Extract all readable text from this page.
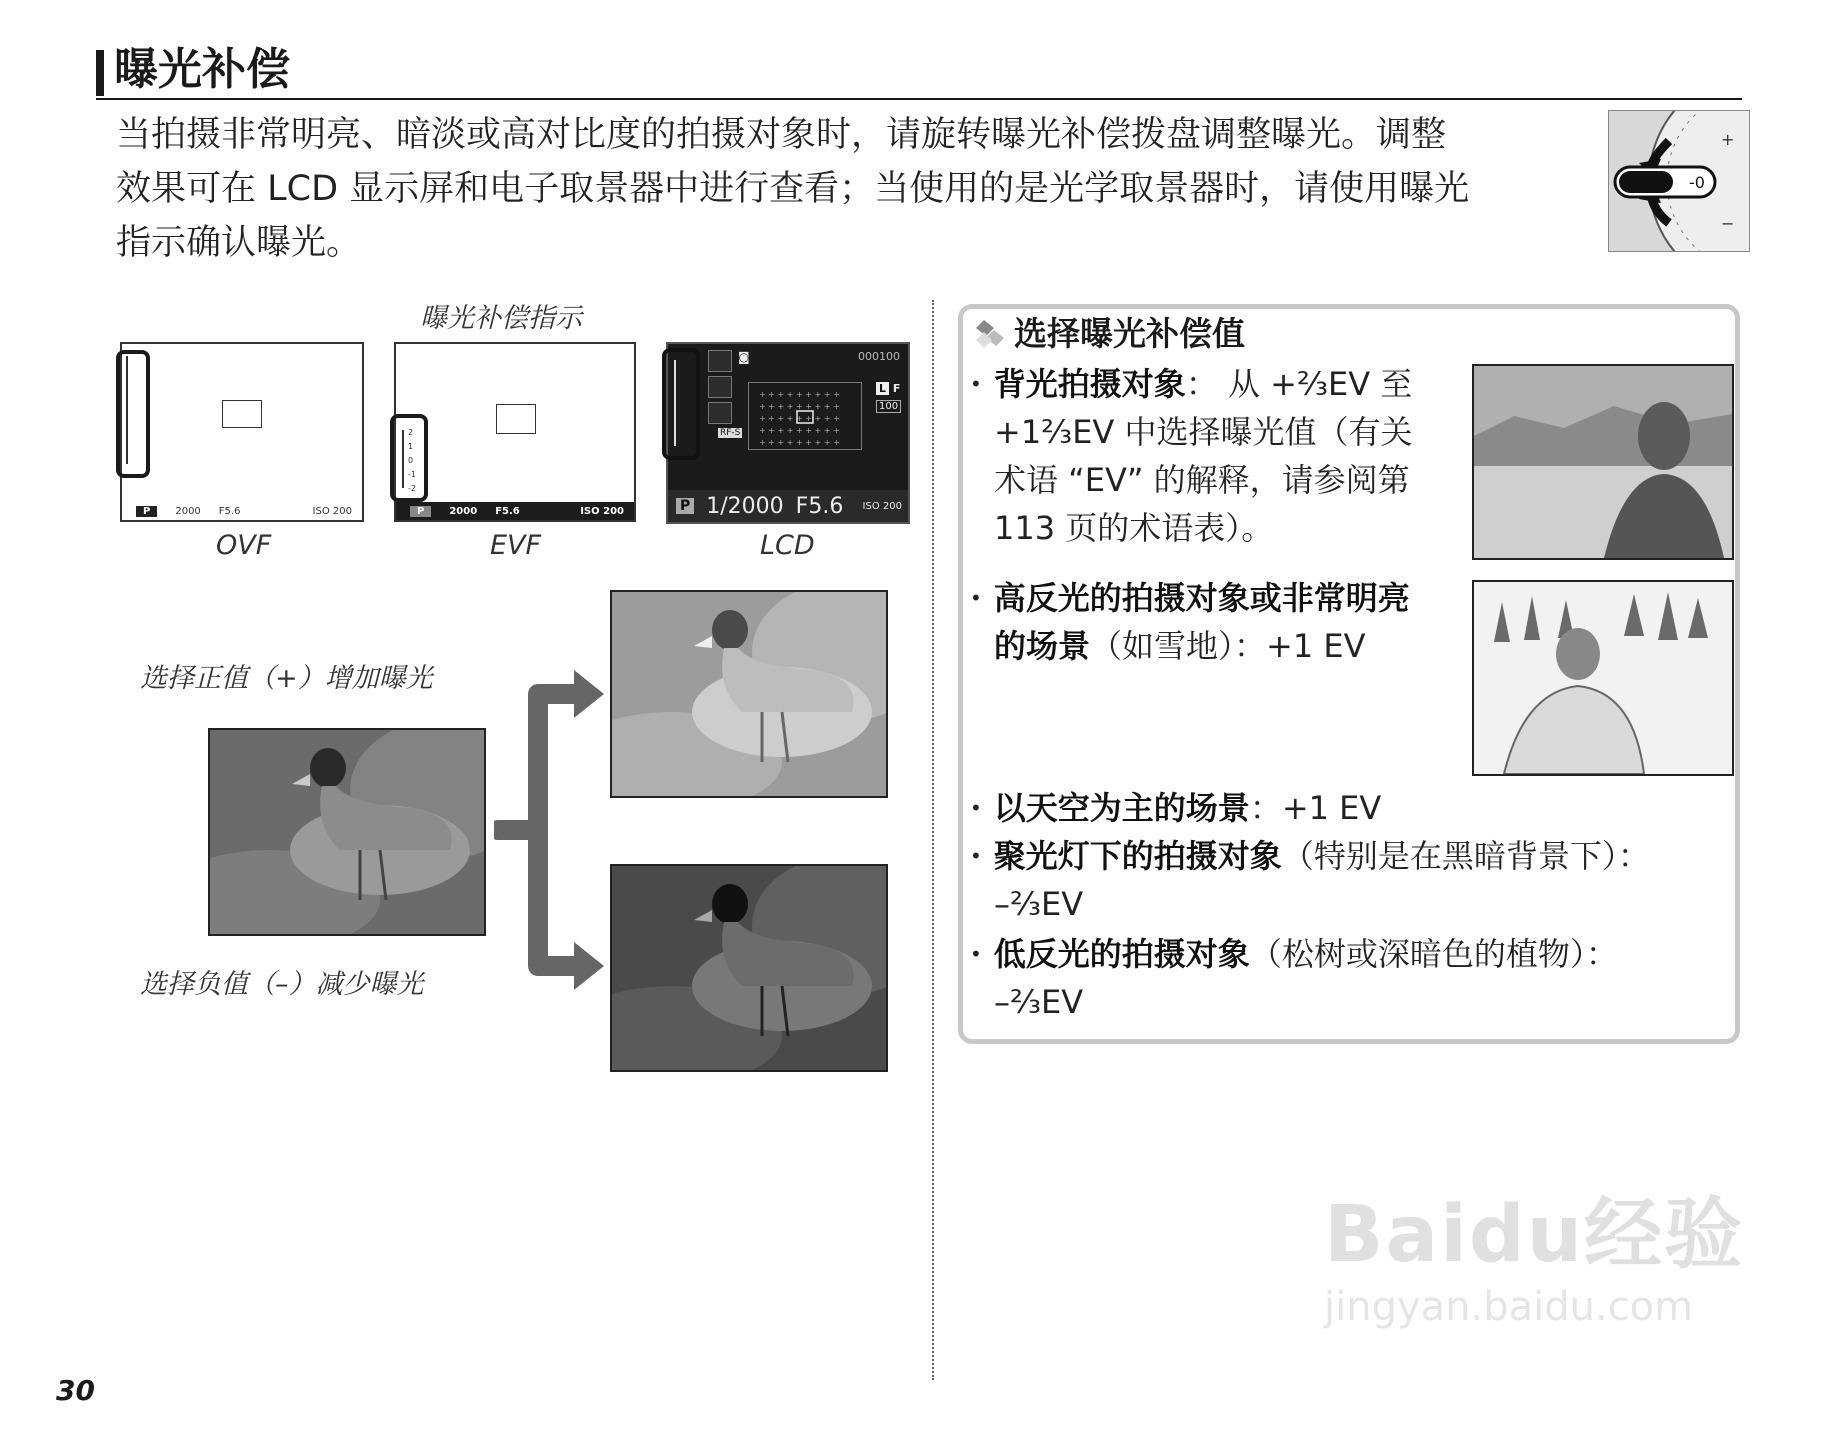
曝光补偿
当拍摄非常明亮、暗淡或高对比度的拍摄对象时，请旋转曝光补偿拨盘调整曝光。调整
效果可在 LCD 显示屏和电子取景器中进行查看；当使用的是光学取景器时，请使用曝光
指示确认曝光。
-0
+
−
曝光补偿指示
P	2000 F5.6	ISO 200
OVF
P	2000 F5.6	ISO 200
2
1
0
-1
-2
EVF
◙	000100
L F
100
+ + + + + + + + +
+ + + + + + + + +
+ + + + + + + + +
+ + + + + + + + +
+ + + + + + + + +
RF-S
P 1/2000 F5.6 ISO 200
LCD
选择正值（+）增加曝光
选择负值（–）减少曝光
选择曝光补偿值
• 背光拍摄对象： 从 +⅔EV 至
+1⅔EV 中选择曝光值（有关
术语 “EV” 的解释，请参阅第
113 页的术语表）。
• 高反光的拍摄对象或非常明亮
的场景（如雪地）：+1 EV
• 以天空为主的场景：+1 EV
• 聚光灯下的拍摄对象（特别是在黑暗背景下）：
–⅔EV
• 低反光的拍摄对象（松树或深暗色的植物）：
–⅔EV
30
Baidu经验
jingyan.baidu.com
